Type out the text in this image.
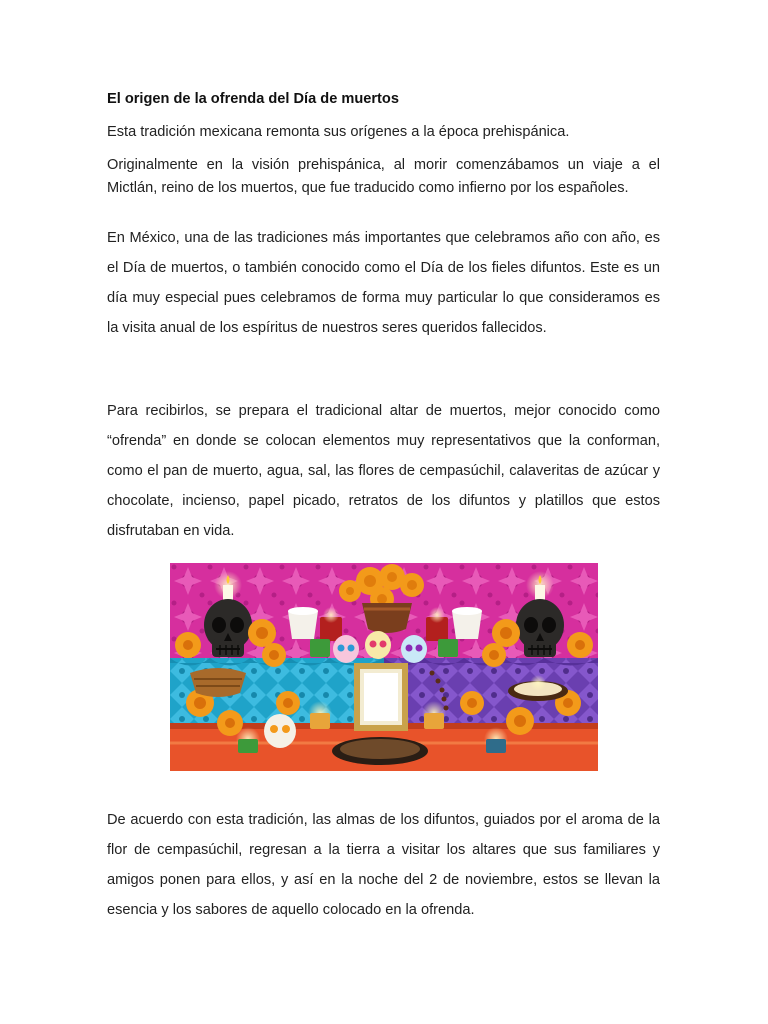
El origen de la ofrenda del Día de muertos

Esta tradición mexicana remonta sus orígenes a la época prehispánica.

Originalmente en la visión prehispánica, al morir comenzábamos un viaje a el Mictlán, reino de los muertos, que fue traducido como infierno por los españoles.

En México, una de las tradiciones más importantes que celebramos año con año, es el Día de muertos, o también conocido como el Día de los fieles difuntos. Este es un día muy especial pues celebramos de forma muy particular lo que consideramos es la visita anual de los espíritus de nuestros seres queridos fallecidos.

Para recibirlos, se prepara el tradicional altar de muertos, mejor conocido como “ofrenda” en donde se colocan elementos muy representativos que la conforman, como el pan de muerto, agua, sal, las flores de cempasúchil, calaveritas de azúcar y chocolate, incienso, papel picado, retratos de los difuntos y platillos que estos disfrutaban en vida.

De acuerdo con esta tradición, las almas de los difuntos, guiados por el aroma de la flor de cempasúchil, regresan a la tierra a visitar los altares que sus familiares y amigos ponen para ellos, y así en la noche del 2 de noviembre, estos se llevan la esencia y los sabores de aquello colocado en la ofrenda.
